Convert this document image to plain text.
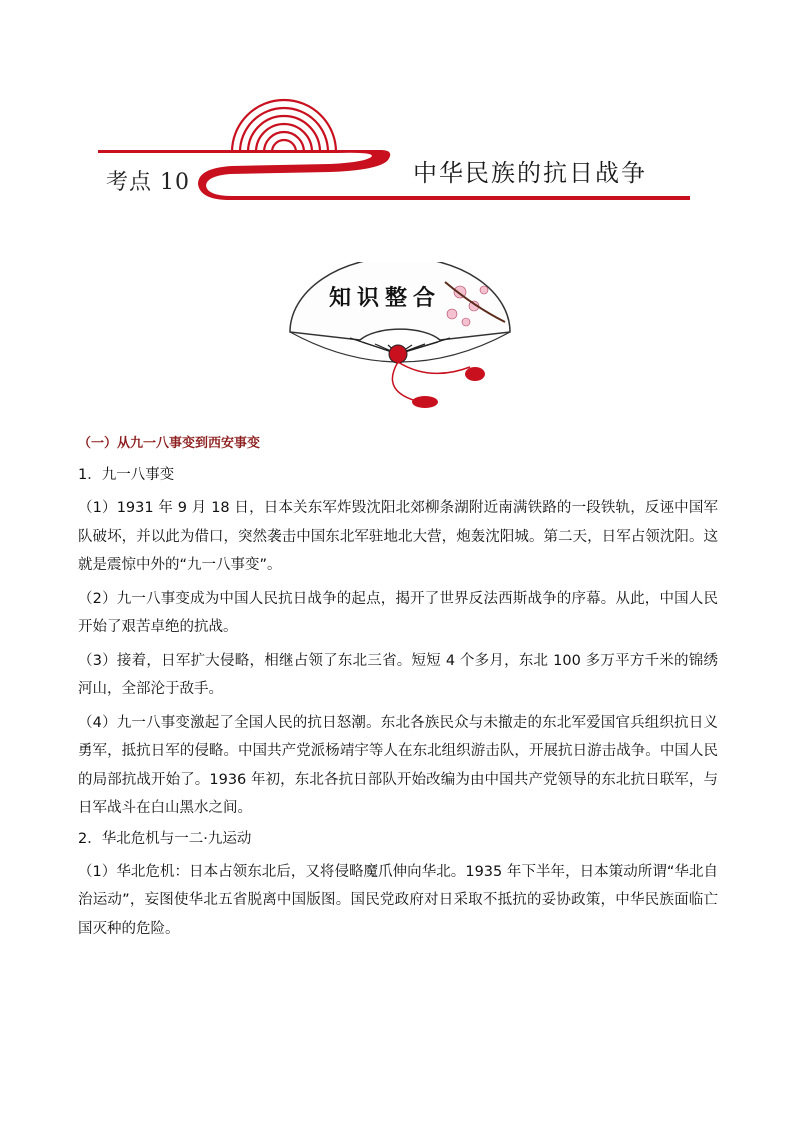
考点 10	中华民族的抗日战争
知识整合
（一）从九一八事变到西安事变
1．九一八事变

（1）1931 年 9 月 18 日，日本关东军炸毁沈阳北郊柳条湖附近南满铁路的一段铁轨，反诬中国军队破坏，并以此为借口，突然袭击中国东北军驻地北大营，炮轰沈阳城。第二天，日军占领沈阳。这就是震惊中外的“九一八事变”。

（2）九一八事变成为中国人民抗日战争的起点，揭开了世界反法西斯战争的序幕。从此，中国人民开始了艰苦卓绝的抗战。

（3）接着，日军扩大侵略，相继占领了东北三省。短短 4 个多月，东北 100 多万平方千米的锦绣河山，全部沦于敌手。

（4）九一八事变激起了全国人民的抗日怒潮。东北各族民众与未撤走的东北军爱国官兵组织抗日义勇军，抵抗日军的侵略。中国共产党派杨靖宇等人在东北组织游击队，开展抗日游击战争。中国人民的局部抗战开始了。1936 年初，东北各抗日部队开始改编为由中国共产党领导的东北抗日联军，与日军战斗在白山黑水之间。

2．华北危机与一二·九运动

（1）华北危机：日本占领东北后，又将侵略魔爪伸向华北。1935 年下半年，日本策动所谓“华北自治运动”，妄图使华北五省脱离中国版图。国民党政府对日采取不抵抗的妥协政策，中华民族面临亡国灭种的危险。
